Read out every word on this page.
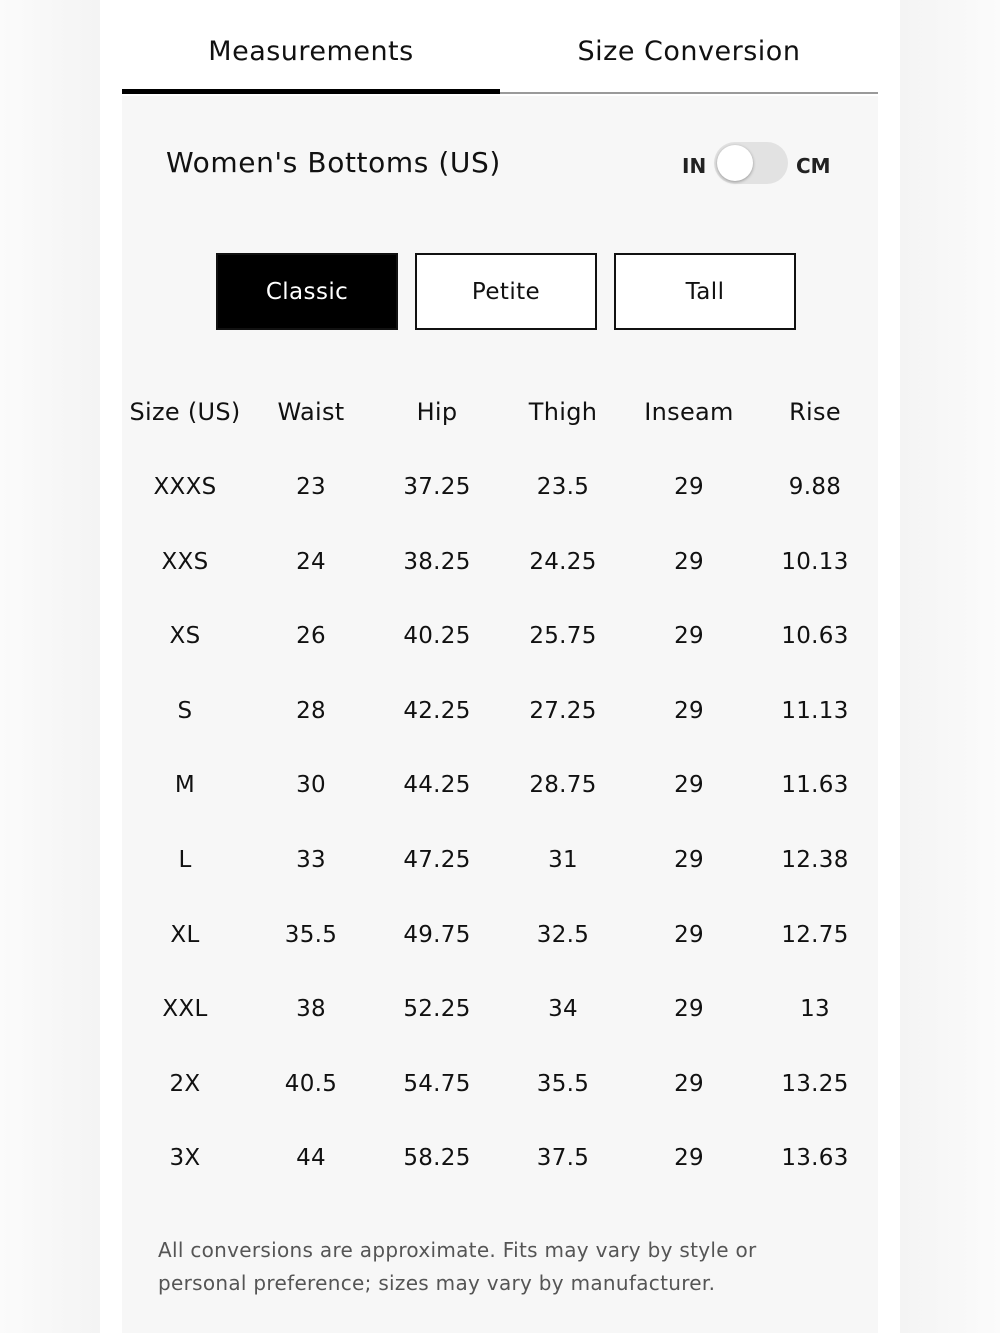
Measurements	Size Conversion
Women's Bottoms (US)	IN	CM
Classic	Petite	Tall
Size (US)	Waist	Hip	Thigh	Inseam	Rise
XXXS	23	37.25	23.5	29	9.88
XXS	24	38.25	24.25	29	10.13
XS	26	40.25	25.75	29	10.63
S	28	42.25	27.25	29	11.13
M	30	44.25	28.75	29	11.63
L	33	47.25	31	29	12.38
XL	35.5	49.75	32.5	29	12.75
XXL	38	52.25	34	29	13
2X	40.5	54.75	35.5	29	13.25
3X	44	58.25	37.5	29	13.63
All conversions are approximate. Fits may vary by style or personal preference; sizes may vary by manufacturer.
